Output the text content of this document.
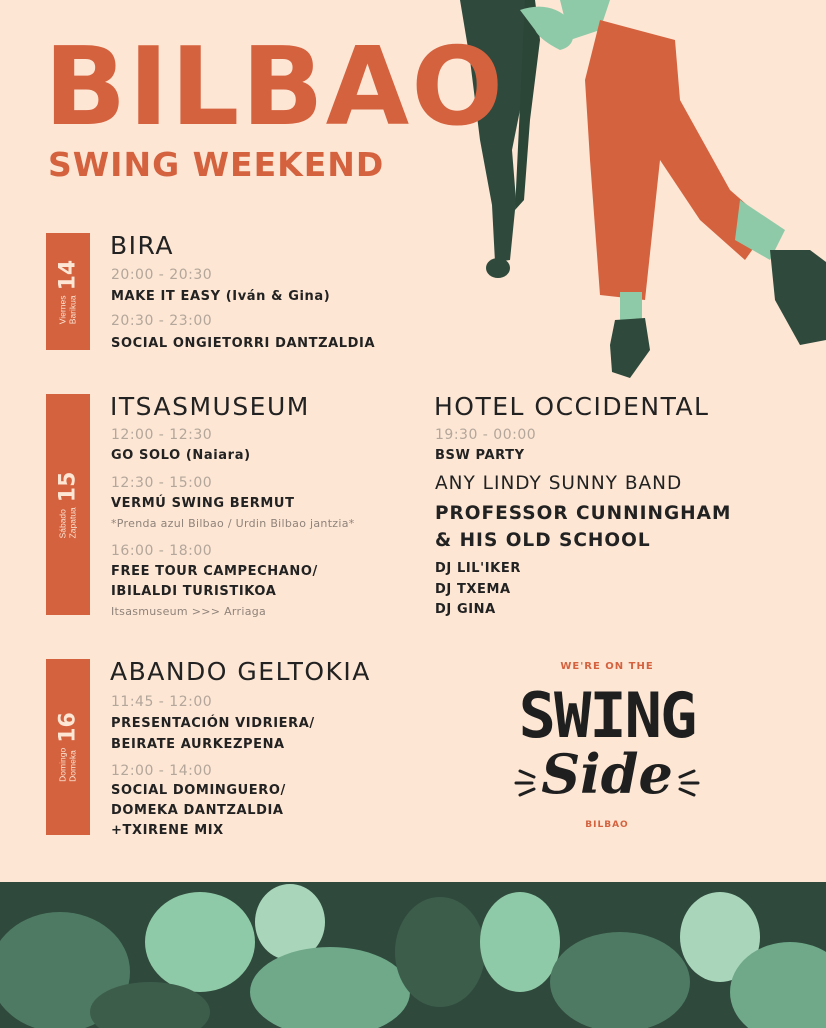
BILBAO
SWING WEEKEND
Viernes Barikua
14
BIRA
20:00 - 20:30
MAKE IT EASY (Iván & Gina)
20:30 - 23:00
SOCIAL ONGIETORRI DANTZALDIA
Sábado Zapatua
15
ITSASMUSEUM
12:00 - 12:30
GO SOLO (Naiara)
12:30 - 15:00
VERMÚ SWING BERMUT
*Prenda azul Bilbao / Urdin Bilbao jantzia*
16:00 - 18:00
FREE TOUR CAMPECHANO/
IBILALDI TURISTIKOA
Itsasmuseum >>> Arriaga
HOTEL OCCIDENTAL
19:30 - 00:00
BSW PARTY
ANY LINDY SUNNY BAND
PROFESSOR CUNNINGHAM
& HIS OLD SCHOOL
DJ LIL'IKER
DJ TXEMA
DJ GINA
Domingo Domeka
16
ABANDO GELTOKIA
11:45 - 12:00
PRESENTACIÓN VIDRIERA/
BEIRATE AURKEZPENA
12:00 - 14:00
SOCIAL DOMINGUERO/
DOMEKA DANTZALDIA
+TXIRENE MIX
WE'RE ON THE
SWING
Side
BILBAO
